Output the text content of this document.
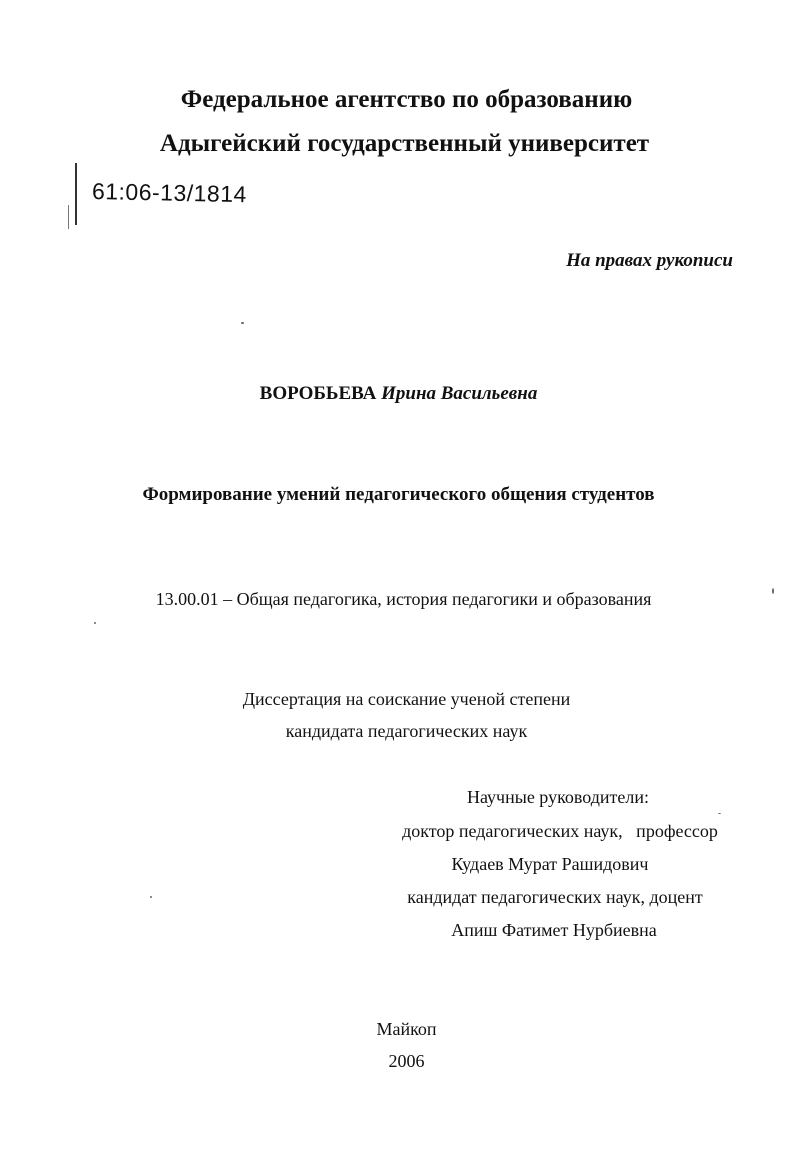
Федеральное агентство по образованию
Адыгейский государственный университет
61:06-13/1814
На правах рукописи
ВОРОБЬЕВА Ирина Васильевна
Формирование умений педагогического общения студентов
13.00.01 – Общая педагогика, история педагогики и образования
Диссертация на соискание ученой степени
кандидата педагогических наук
Научные руководители:
доктор педагогических наук,   профессор
Кудаев Мурат Рашидович
кандидат педагогических наук, доцент
Апиш Фатимет Нурбиевна
Майкоп
2006
